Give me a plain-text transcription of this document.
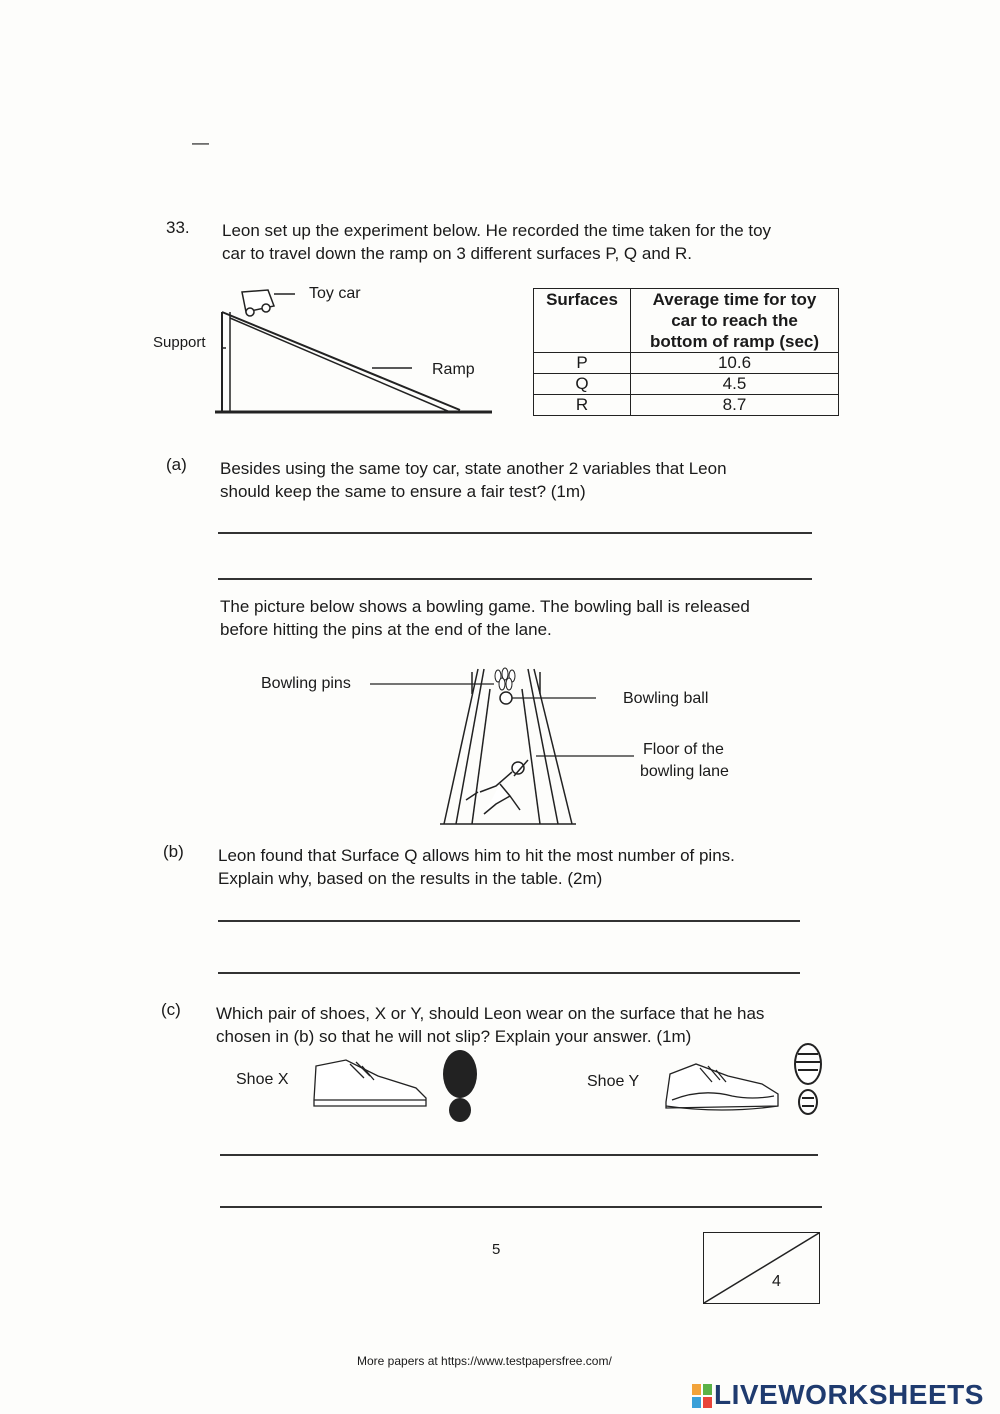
—
33. Leon set up the experiment below. He recorded the time taken for the toy
car to travel down the ramp on 3 different surfaces P, Q and R.
Toy car
Support
Ramp
Surfaces	Average time for toy
car to reach the
bottom of ramp (sec)

P	10.6
Q	4.5
R	8.7
(a) Besides using the same toy car, state another 2 variables that Leon
should keep the same to ensure a fair test? (1m)
The picture below shows a bowling game. The bowling ball is released
before hitting the pins at the end of the lane.
Bowling pins
Bowling ball
Floor of the
bowling lane
(b) Leon found that Surface Q allows him to hit the most number of pins.
Explain why, based on the results in the table. (2m)
(c) Which pair of shoes, X or Y, should Leon wear on the surface that he has
chosen in (b) so that he will not slip? Explain your answer. (1m)
Shoe X	Shoe Y
5
4
More papers at https://www.testpapersfree.com/
LIVEWORKSHEETS
